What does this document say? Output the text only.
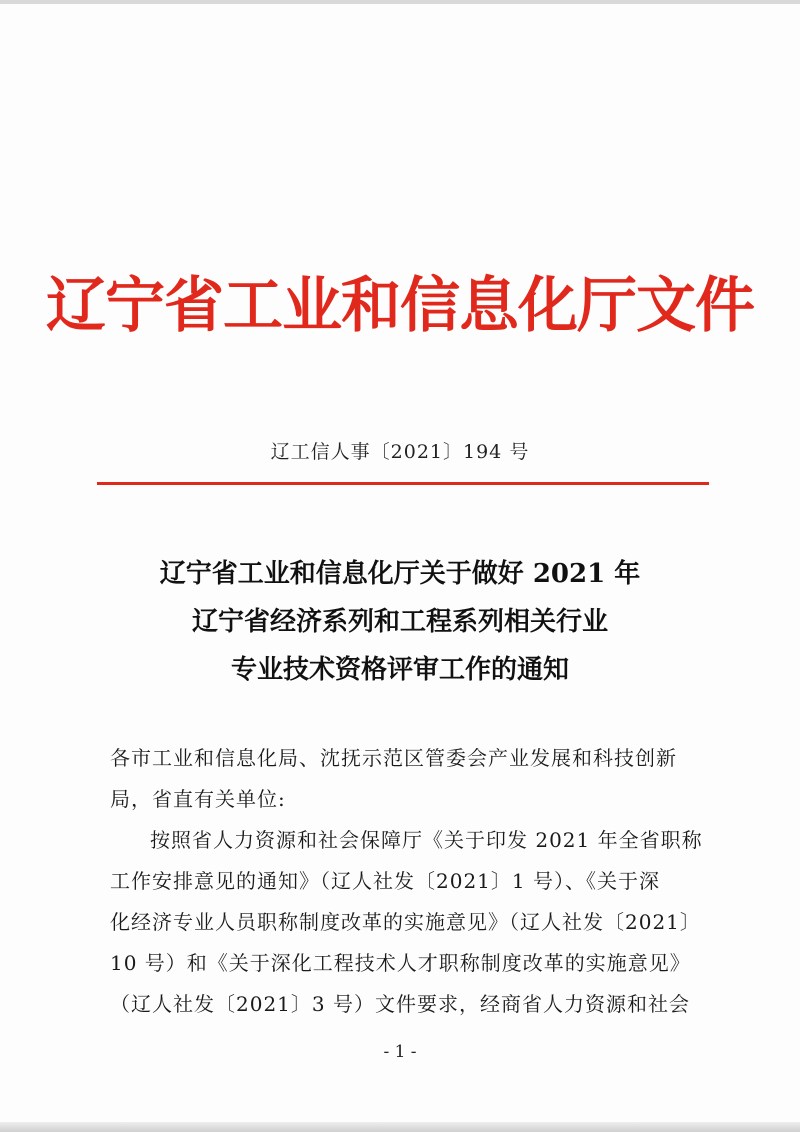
辽宁省工业和信息化厅文件
辽工信人事〔2021〕194 号
辽宁省工业和信息化厅关于做好 2021 年
辽宁省经济系列和工程系列相关行业
专业技术资格评审工作的通知
各市工业和信息化局、沈抚示范区管委会产业发展和科技创新
局，省直有关单位:
按照省人力资源和社会保障厅《关于印发 2021 年全省职称
工作安排意见的通知》（辽人社发〔2021〕1 号）、《关于深
化经济专业人员职称制度改革的实施意见》（辽人社发〔2021〕
10 号）和《关于深化工程技术人才职称制度改革的实施意见》
（辽人社发〔2021〕3 号）文件要求，经商省人力资源和社会
- 1 -
